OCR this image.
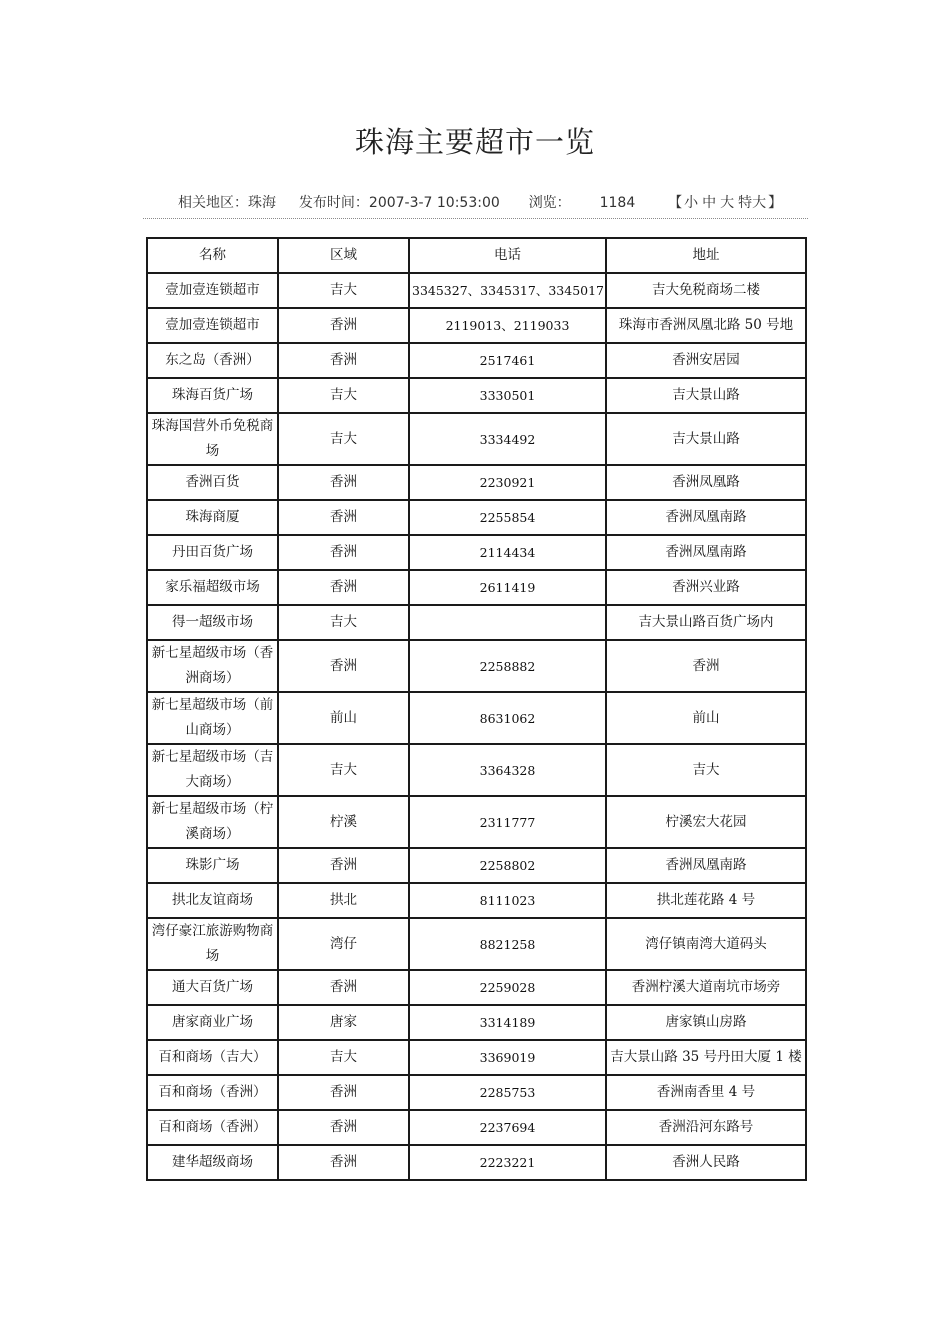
珠海主要超市一览
相关地区：珠海 发布时间：2007-3-7 10:53:00 浏览： 1184 【 小 中 大 特大 】
名称	区域	电话	地址
壹加壹连锁超市	吉大	3345327、3345317、3345017	吉大免税商场二楼
壹加壹连锁超市	香洲	2119013、2119033	珠海市香洲凤凰北路 50 号地
东之岛（香洲）	香洲	2517461	香洲安居园
珠海百货广场	吉大	3330501	吉大景山路
珠海国营外币免税商场	吉大	3334492	吉大景山路
香洲百货	香洲	2230921	香洲凤凰路
珠海商厦	香洲	2255854	香洲凤凰南路
丹田百货广场	香洲	2114434	香洲凤凰南路
家乐福超级市场	香洲	2611419	香洲兴业路
得一超级市场	吉大		吉大景山路百货广场内
新七星超级市场（香洲商场）	香洲	2258882	香洲
新七星超级市场（前山商场）	前山	8631062	前山
新七星超级市场（吉大商场）	吉大	3364328	吉大
新七星超级市场（柠溪商场）	柠溪	2311777	柠溪宏大花园
珠影广场	香洲	2258802	香洲凤凰南路
拱北友谊商场	拱北	8111023	拱北莲花路 4 号
湾仔豪江旅游购物商场	湾仔	8821258	湾仔镇南湾大道码头
通大百货广场	香洲	2259028	香洲柠溪大道南坑市场旁
唐家商业广场	唐家	3314189	唐家镇山房路
百和商场（吉大）	吉大	3369019	吉大景山路 35 号丹田大厦 1 楼
百和商场（香洲）	香洲	2285753	香洲南香里 4 号
百和商场（香洲）	香洲	2237694	香洲沿河东路号
建华超级商场	香洲	2223221	香洲人民路
